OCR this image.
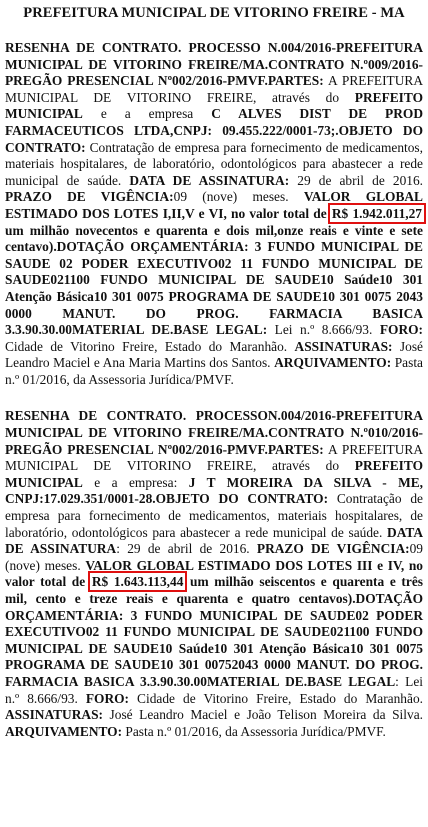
PREFEITURA MUNICIPAL DE VITORINO FREIRE - MA

RESENHA DE CONTRATO. PROCESSO N.004/2016-PREFEITURA MUNICIPAL DE VITORINO FREIRE/MA.CONTRATO N.º009/2016-PREGÃO PRESENCIAL Nº002/2016-PMVF.PARTES: A PREFEITURA MUNICIPAL DE VITORINO FREIRE, através do PREFEITO MUNICIPAL e a empresa C ALVES DIST DE PROD FARMACEUTICOS LTDA,CNPJ: 09.455.222/0001-73;.OBJETO DO CONTRATO: Contratação de empresa para fornecimento de medicamentos, materiais hospitalares, de laboratório, odontológicos para abastecer a rede municipal de saúde. DATA DE ASSINATURA: 29 de abril de 2016. PRAZO DE VIGÊNCIA:09 (nove) meses. VALOR GLOBAL ESTIMADO DOS LOTES I,II,V e VI, no valor total de R$ 1.942.011,27 um milhão novecentos e quarenta e dois mil,onze reais e vinte e sete centavo).DOTAÇÃO ORÇAMENTÁRIA: 3 FUNDO MUNICIPAL DE SAUDE 02 PODER EXECUTIVO02 11 FUNDO MUNICIPAL DE SAUDE021100 FUNDO MUNICIPAL DE SAUDE10 Saúde10 301 Atenção Básica10 301 0075 PROGRAMA DE SAUDE10 301 0075 2043 0000 MANUT. DO PROG. FARMACIA BASICA 3.3.90.30.00MATERIAL DE.BASE LEGAL: Lei n.º 8.666/93. FORO: Cidade de Vitorino Freire, Estado do Maranhão. ASSINATURAS: José Leandro Maciel e Ana Maria Martins dos Santos. ARQUIVAMENTO: Pasta n.º 01/2016, da Assessoria Jurídica/PMVF.

RESENHA DE CONTRATO. PROCESSON.004/2016-PREFEITURA MUNICIPAL DE VITORINO FREIRE/MA.CONTRATO N.º010/2016-PREGÃO PRESENCIAL Nº002/2016-PMVF.PARTES: A PREFEITURA MUNICIPAL DE VITORINO FREIRE, através do PREFEITO MUNICIPAL e a empresa: J T MOREIRA DA SILVA - ME, CNPJ:17.029.351/0001-28.OBJETO DO CONTRATO: Contratação de empresa para fornecimento de medicamentos, materiais hospitalares, de laboratório, odontológicos para abastecer a rede municipal de saúde. DATA DE ASSINATURA: 29 de abril de 2016. PRAZO DE VIGÊNCIA:09 (nove) meses. VALOR GLOBAL ESTIMADO DOS LOTES III e IV, no valor total de R$ 1.643.113,44 um milhão seiscentos e quarenta e três mil, cento e treze reais e quarenta e quatro centavos).DOTAÇÃO ORÇAMENTÁRIA: 3 FUNDO MUNICIPAL DE SAUDE02 PODER EXECUTIVO02 11 FUNDO MUNICIPAL DE SAUDE021100 FUNDO MUNICIPAL DE SAUDE10 Saúde10 301 Atenção Básica10 301 0075 PROGRAMA DE SAUDE10 301 00752043 0000 MANUT. DO PROG. FARMACIA BASICA 3.3.90.30.00MATERIAL DE.BASE LEGAL: Lei n.º 8.666/93. FORO: Cidade de Vitorino Freire, Estado do Maranhão. ASSINATURAS: José Leandro Maciel e João Telison Moreira da Silva. ARQUIVAMENTO: Pasta n.º 01/2016, da Assessoria Jurídica/PMVF.
